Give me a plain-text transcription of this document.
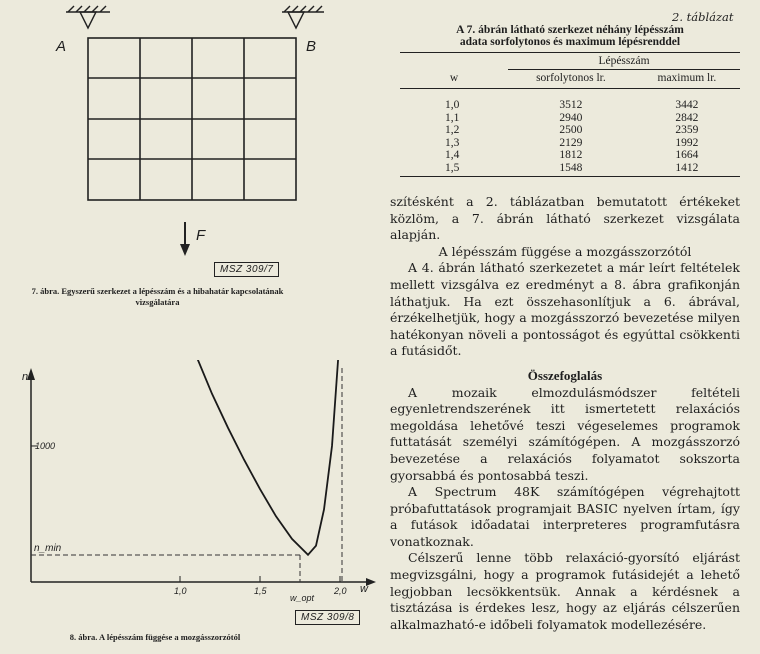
A	B
F
MSZ 309/7
7. ábra. Egyszerű szerkezet a lépésszám és a hibahatár kapcsolatának vizsgálatára
1000
1,0	1,5	2,0
n
w
n_min
w_opt
MSZ 309/8
8. ábra. A lépésszám függése a mozgásszorzótól
2. táblázat
A 7. ábrán látható szerkezet néhány lépésszám
adata sorfolytonos és maximum lépésrenddel
	Lépésszám	
w	sorfolytonos lr.	maximum lr.

1,0	3512	3442
1,1	2940	2842
1,2	2500	2359
1,3	2129	1992
1,4	1812	1664
1,5	1548	1412

szítésként a 2. táblázatban bemutatott értékeket közlöm, a 7. ábrán látható szerkezet vizsgálata alapján.

A lépésszám függése a mozgásszorzótól

A 4. ábrán látható szerkezetet a már leírt feltételek mellett vizsgálva ez eredményt a 8. ábra grafikonján láthatjuk. Ha ezt összehasonlítjuk a 6. ábrával, érzékelhetjük, hogy a mozgásszorzó bevezetése milyen hatékonyan növeli a pontosságot és egyúttal csökkenti a futásidőt.

Összefoglalás

A mozaik elmozdulásmódszer feltételi egyenletrendszerének itt ismertetett relaxációs megoldása lehetővé teszi végeselemes programok futtatását személyi számítógépen. A mozgásszorzó bevezetése a relaxációs folyamatot sokszorta gyorsabbá és pontosabbá teszi.

A Spectrum 48K számítógépen végrehajtott próbafuttatások programjait BASIC nyelven írtam, így a futások időadatai interpreteres programfutásra vonatkoznak.

Célszerű lenne több relaxáció-gyorsító eljárást megvizsgálni, hogy a programok futásidejét a lehető legjobban lecsökkentsük. Annak a kérdésnek a tisztázása is érdekes lesz, hogy az eljárás célszerűen alkalmazható-e időbeli folyamatok modellezésére.
